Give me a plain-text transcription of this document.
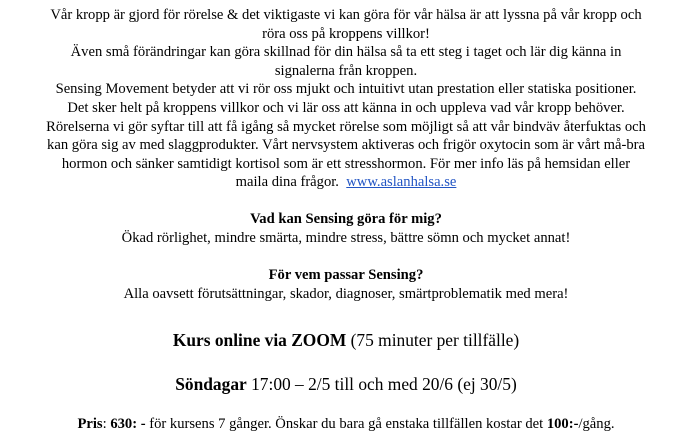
Vår kropp är gjord för rörelse & det viktigaste vi kan göra för vår hälsa är att lyssna på vår kropp och
röra oss på kroppens villkor!
Även små förändringar kan göra skillnad för din hälsa så ta ett steg i taget och lär dig känna in
signalerna från kroppen.
Sensing Movement betyder att vi rör oss mjukt och intuitivt utan prestation eller statiska positioner.
Det sker helt på kroppens villkor och vi lär oss att känna in och uppleva vad vår kropp behöver.
Rörelserna vi gör syftar till att få igång så mycket rörelse som möjligt så att vår bindväv återfuktas och
kan göra sig av med slaggprodukter. Vårt nervsystem aktiveras och frigör oxytocin som är vårt må-bra
hormon och sänker samtidigt kortisol som är ett stresshormon. För mer info läs på hemsidan eller
maila dina frågor. www.aslanhalsa.se

Vad kan Sensing göra för mig?

Ökad rörlighet, mindre smärta, mindre stress, bättre sömn och mycket annat!

För vem passar Sensing?

Alla oavsett förutsättningar, skador, diagnoser, smärtproblematik med mera!

Kurs online via ZOOM (75 minuter per tillfälle)

Söndagar 17:00 – 2/5 till och med 20/6 (ej 30/5)

Pris: 630: - för kursens 7 gånger. Önskar du bara gå enstaka tillfällen kostar det 100:-/gång.
